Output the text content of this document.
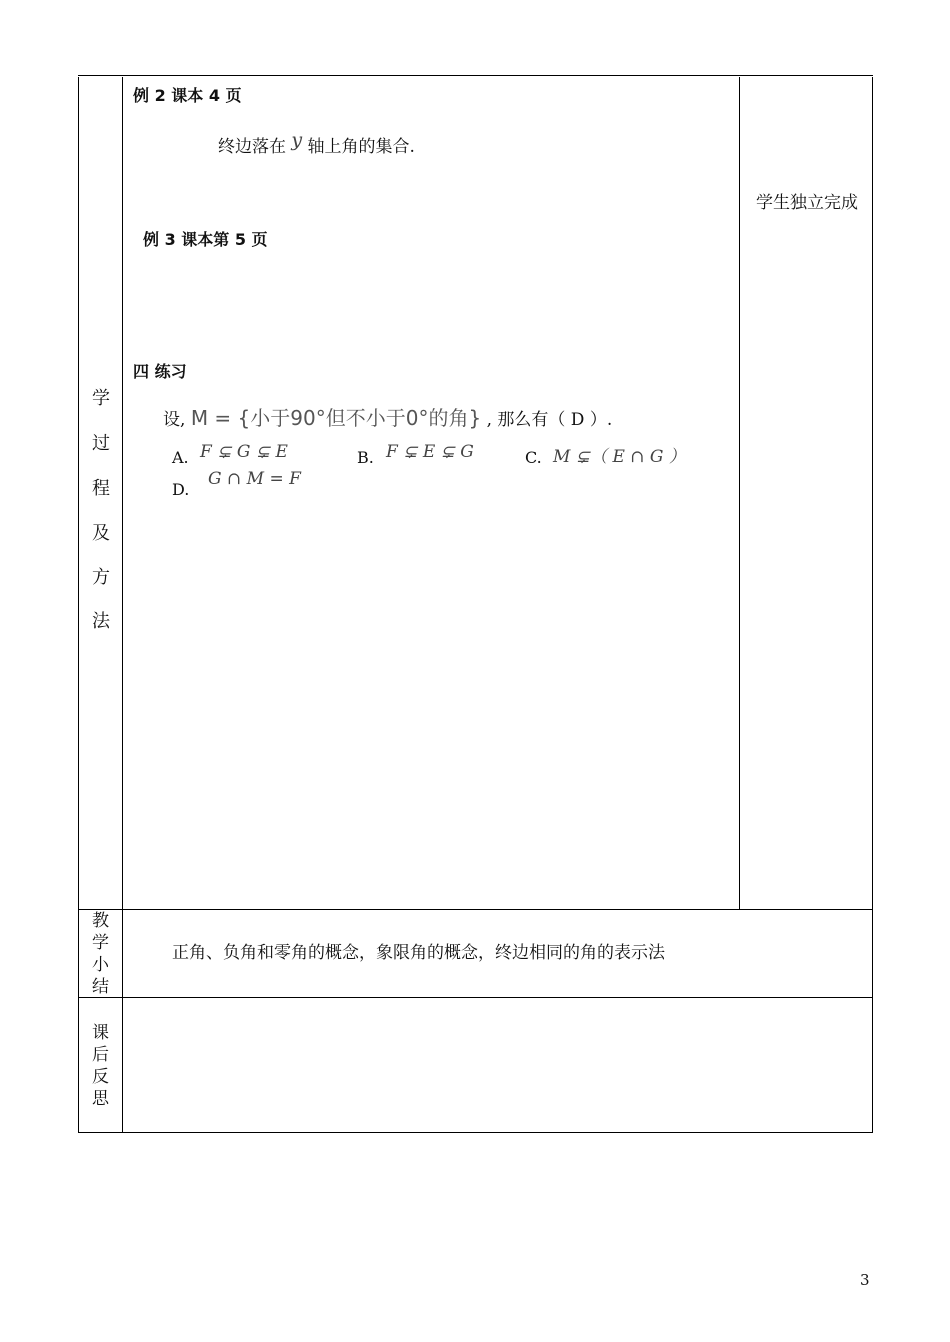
学
过
程
及
方
法
例 2 课本 4 页
终边落在 y 轴上角的集合.
例 3 课本第 5 页
学生独立完成
四 练习
设, M = {小于90°但不小于0°的角} , 那么有（ D ）.
A. F ⊊ G ⊊ E	B. F ⊊ E ⊊ G	C. M ⊊（ E ∩ G ）
D.
G ∩ M = F
教
学
小
结
正角、负角和零角的概念，象限角的概念，终边相同的角的表示法
课
后
反
思
3
